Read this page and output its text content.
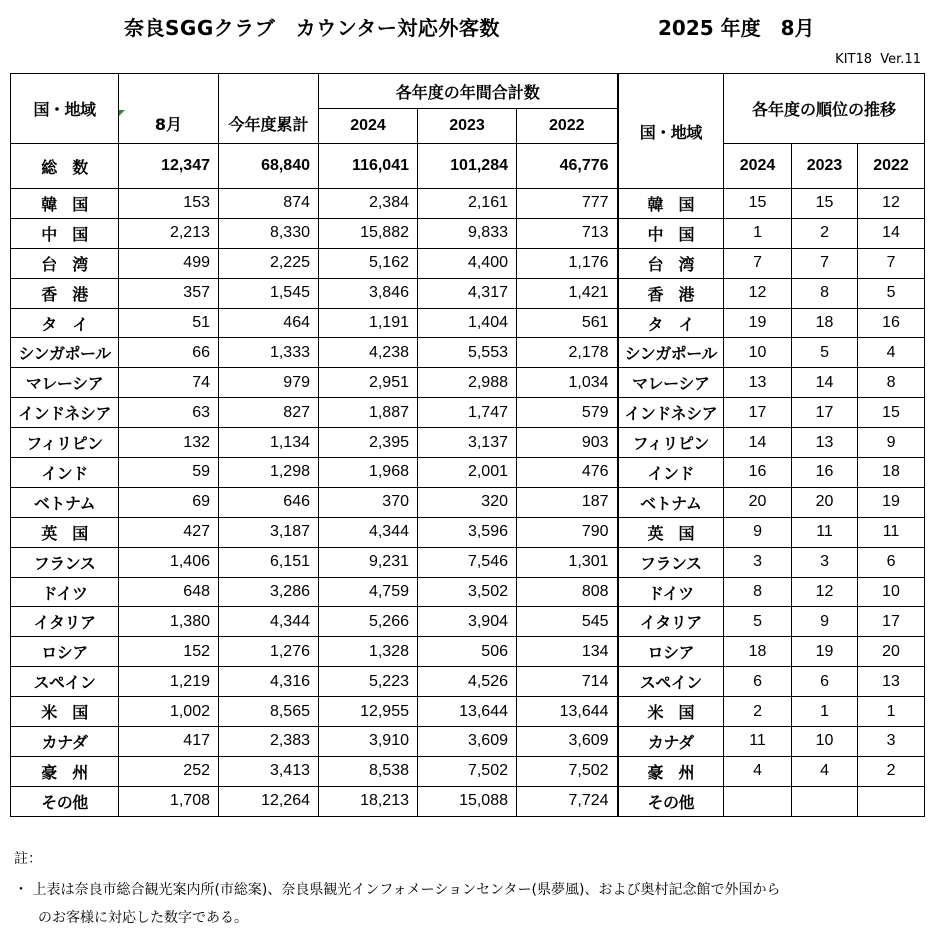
奈良SGGクラブ　カウンター対応外客数	2025 年度　8月
KIT18  Ver.11
国・地域	8月	今年度累計	各年度の年間合計数			国・地域	各年度の順位の推移		
			2024	2023	2022				
総　数	12,347	68,840	116,041	101,284	46,776		2024	2023	2022
韓　国	153	874	2,384	2,161	777	韓　国	15	15	12
中　国	2,213	8,330	15,882	9,833	713	中　国	1	2	14
台　湾	499	2,225	5,162	4,400	1,176	台　湾	7	7	7
香　港	357	1,545	3,846	4,317	1,421	香　港	12	8	5
タ　イ	51	464	1,191	1,404	561	タ　イ	19	18	16
シンガポール	66	1,333	4,238	5,553	2,178	シンガポール	10	5	4
マレーシア	74	979	2,951	2,988	1,034	マレーシア	13	14	8
インドネシア	63	827	1,887	1,747	579	インドネシア	17	17	15
フィリピン	132	1,134	2,395	3,137	903	フィリピン	14	13	9
インド	59	1,298	1,968	2,001	476	インド	16	16	18
ベトナム	69	646	370	320	187	ベトナム	20	20	19
英　国	427	3,187	4,344	3,596	790	英　国	9	11	11
フランス	1,406	6,151	9,231	7,546	1,301	フランス	3	3	6
ドイツ	648	3,286	4,759	3,502	808	ドイツ	8	12	10
イタリア	1,380	4,344	5,266	3,904	545	イタリア	5	9	17
ロシア	152	1,276	1,328	506	134	ロシア	18	19	20
スペイン	1,219	4,316	5,223	4,526	714	スペイン	6	6	13
米　国	1,002	8,565	12,955	13,644	13,644	米　国	2	1	1
カナダ	417	2,383	3,910	3,609	3,609	カナダ	11	10	3
豪　州	252	3,413	8,538	7,502	7,502	豪　州	4	4	2
その他	1,708	12,264	18,213	15,088	7,724	その他			
註：
・ 上表は奈良市総合観光案内所(市総案)、奈良県観光インフォメーションセンター(県夢風)、および奥村記念館で外国から
のお客様に対応した数字である。
